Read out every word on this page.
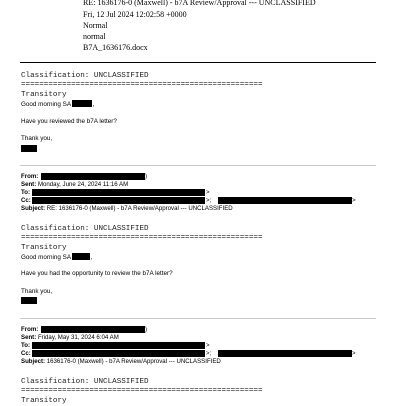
RE: 1636176-0 (Maxwell) - b7A Review/Approval --- UNCLASSIFIED
Fri, 12 Jul 2024 12:02:58 +0000
Normal
normal
B7A_1636176.docx
Classification: UNCLASSIFIED
=====================================================
Transitory
Good morning SA	,
Have you reviewed the b7A letter?
Thank you,
From:	)
Sent: Monday, June 24, 2024 11:16 AM
To:	>
Cc:	>;	>
Subject: RE: 1636176-0 (Maxwell) - b7A Review/Approval --- UNCLASSIFIED
Classification: UNCLASSIFIED
=====================================================
Transitory
Good morning SA	,
Have you had the opportunity to review the b7A letter?
Thank you,
From:	)
Sent: Friday, May 31, 2024 6:04 AM
To:	>
Cc:	>;	>
Subject: 1636176-0 (Maxwell) - b7A Review/Approval --- UNCLASSIFIED
Classification: UNCLASSIFIED
=====================================================
Transitory
